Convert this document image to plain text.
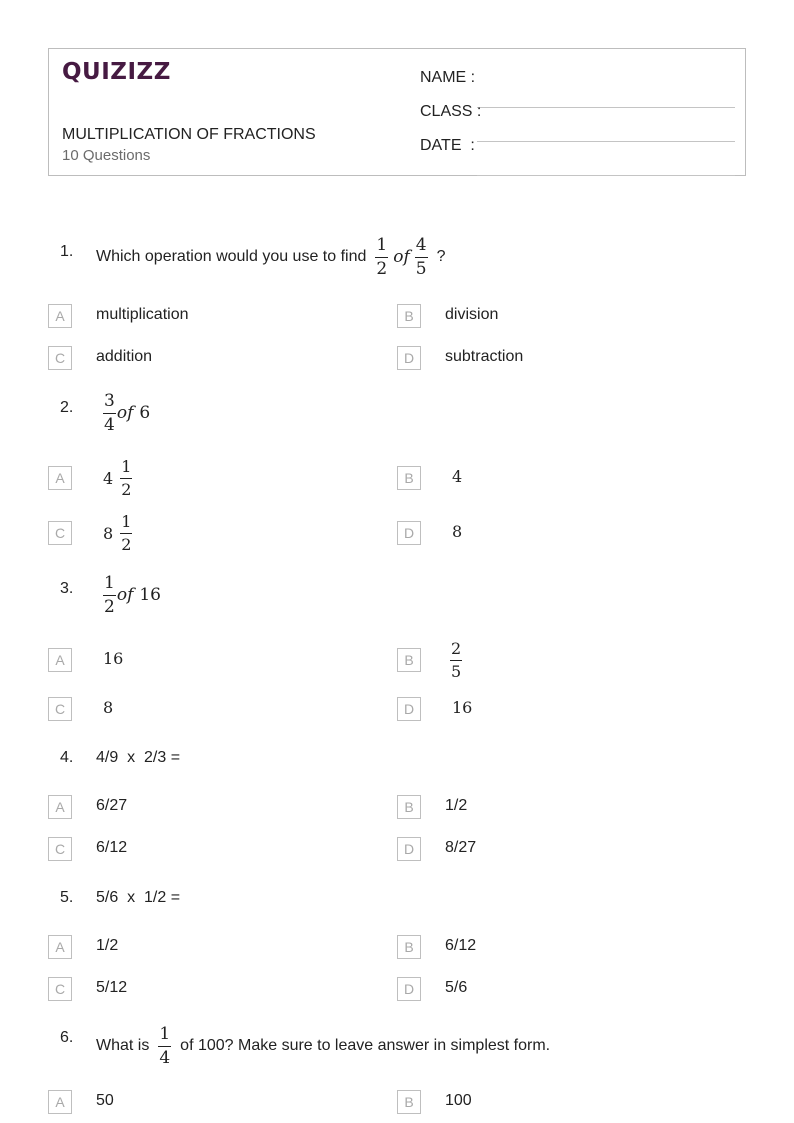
QUIZIZZ
MULTIPLICATION OF FRACTIONS
10 Questions
NAME :
CLASS :
DATE  :
1. Which operation would you use to find $\frac{1}{2}$ of $\frac{4}{5}$ ?
A	multiplication	B	division
C	addition	D	subtraction
2. $\frac{3}{4}$ of 6
A	$4 \frac{1}{2}$	B	4
C	$8 \frac{1}{2}$	D	8
3. $\frac{1}{2}$ of 16
A	16	B	$\frac{2}{5}$
C	8	D	16
4. 4/9  x  2/3 =
A	6/27	B	1/2
C	6/12	D	8/27
5. 5/6  x  1/2 =
A	1/2	B	6/12
C	5/12	D	5/6
6. What is $\frac{1}{4}$ of 100? Make sure to leave answer in simplest form.
A	50	B	100
